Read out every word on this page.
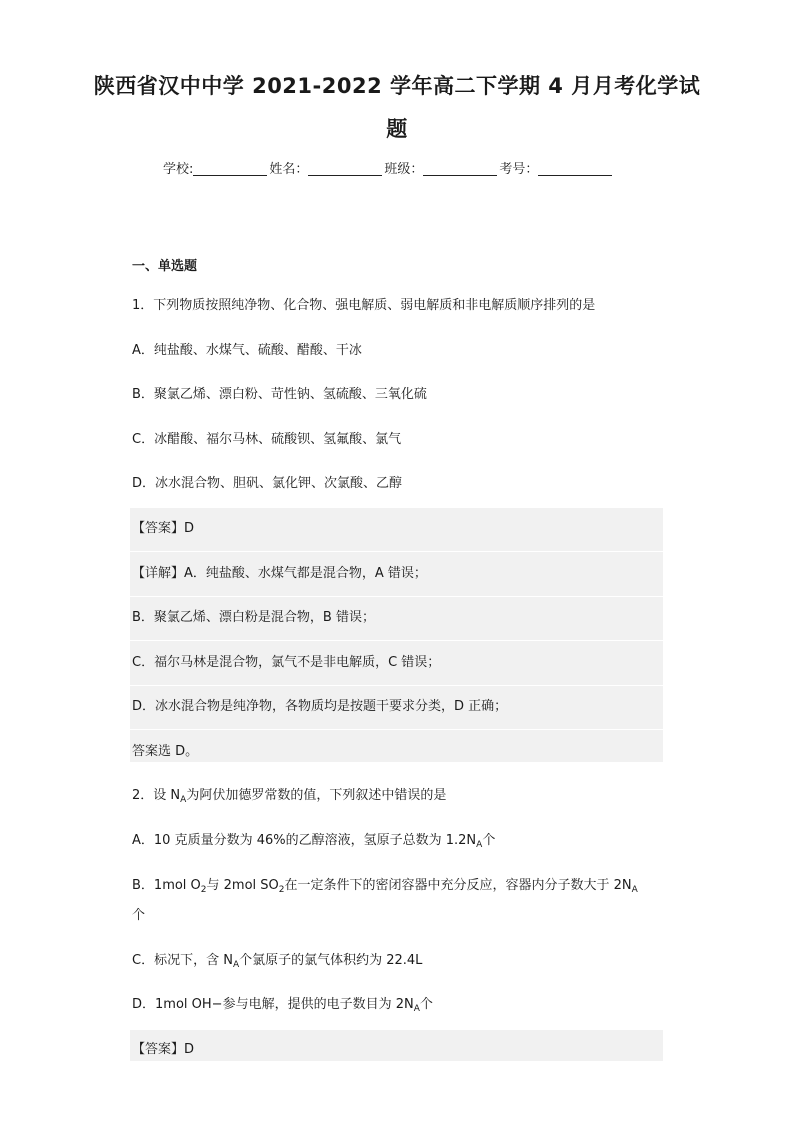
陕西省汉中中学 2021-2022 学年高二下学期 4 月月考化学试
题
学校:	姓名：	班级：	考号：
一、单选题
1．下列物质按照纯净物、化合物、强电解质、弱电解质和非电解质顺序排列的是
A．纯盐酸、水煤气、硫酸、醋酸、干冰
B．聚氯乙烯、漂白粉、苛性钠、氢硫酸、三氧化硫
C．冰醋酸、福尔马林、硫酸钡、氢氟酸、氯气
D．冰水混合物、胆矾、氯化钾、次氯酸、乙醇
【答案】D
【详解】A．纯盐酸、水煤气都是混合物，A 错误；
B．聚氯乙烯、漂白粉是混合物，B 错误；
C．福尔马林是混合物，氯气不是非电解质，C 错误；
D．冰水混合物是纯净物，各物质均是按题干要求分类，D 正确；
答案选 D。
2．设 $N_A$为阿伏加德罗常数的值，下列叙述中错误的是
A．10 克质量分数为 46%的乙醇溶液，氢原子总数为 $1.2N_A$个
B．1mol $O_2$与 2mol $SO_2$在一定条件下的密闭容器中充分反应，容器内分子数大于 $2N_A$
个
C．标况下，含 $N_A$个氯原子的氯气体积约为 22.4L
D．1mol OH−参与电解，提供的电子数目为 $2N_A$个
【答案】D
